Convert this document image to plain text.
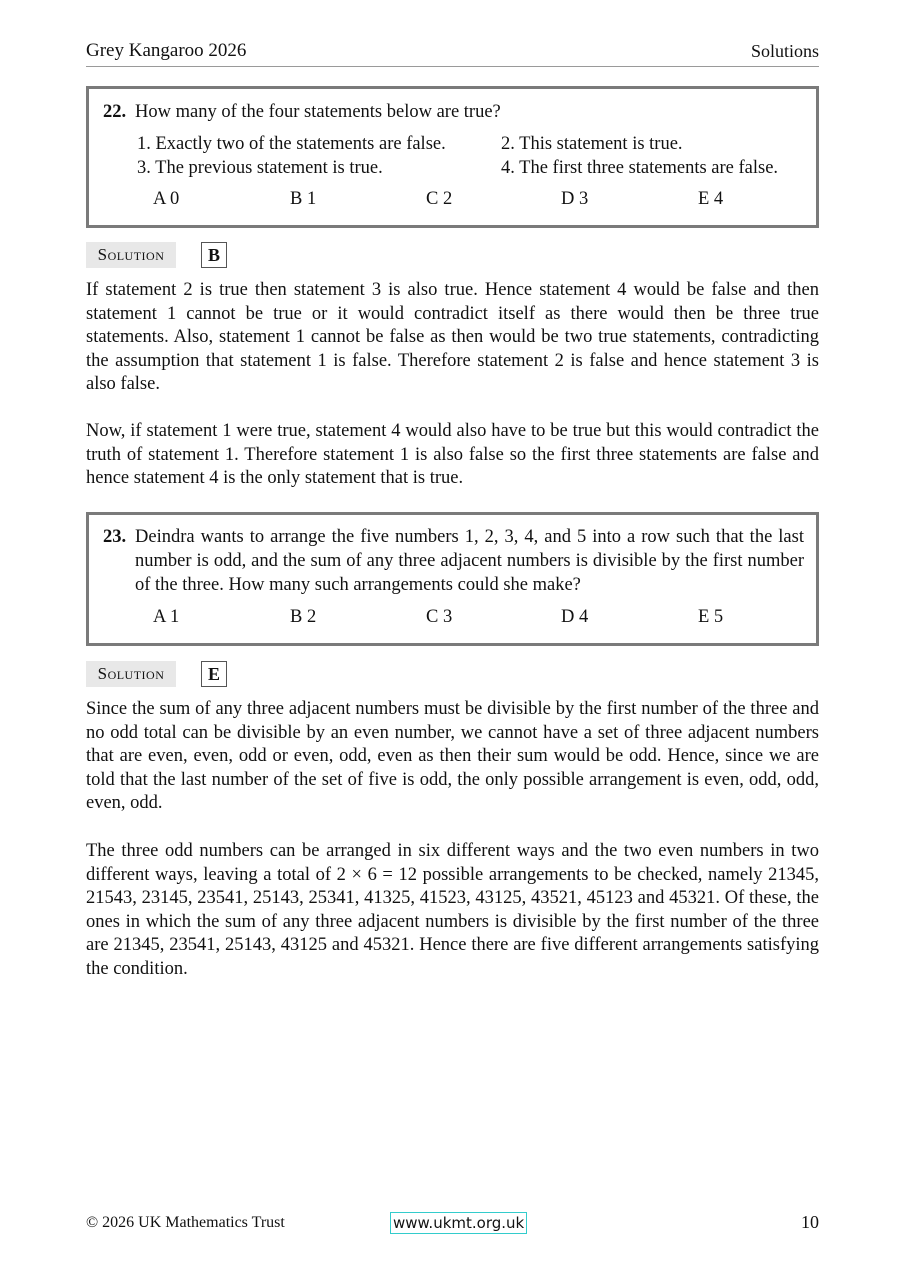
Grey Kangaroo 2026	Solutions
22. How many of the four statements below are true?
1. Exactly two of the statements are false.	2. This statement is true.
3. The previous statement is true.	4. The first three statements are false.
A 0	B 1	C 2	D 3	E 4
Solution	B

If statement 2 is true then statement 3 is also true. Hence statement 4 would be false and then statement 1 cannot be true or it would contradict itself as there would then be three true statements. Also, statement 1 cannot be false as then would be two true statements, contradicting the assumption that statement 1 is false. Therefore statement 2 is false and hence statement 3 is also false.

Now, if statement 1 were true, statement 4 would also have to be true but this would contradict the truth of statement 1. Therefore statement 1 is also false so the first three statements are false and hence statement 4 is the only statement that is true.

23. Deindra wants to arrange the five numbers 1, 2, 3, 4, and 5 into a row such that the last number is odd, and the sum of any three adjacent numbers is divisible by the first number of the three. How many such arrangements could she make?
A 1	B 2	C 3	D 4	E 5
Solution	E

Since the sum of any three adjacent numbers must be divisible by the first number of the three and no odd total can be divisible by an even number, we cannot have a set of three adjacent numbers that are even, even, odd or even, odd, even as then their sum would be odd. Hence, since we are told that the last number of the set of five is odd, the only possible arrangement is even, odd, odd, even, odd.

The three odd numbers can be arranged in six different ways and the two even numbers in two different ways, leaving a total of 2 × 6 = 12 possible arrangements to be checked, namely 21345, 21543, 23145, 23541, 25143, 25341, 41325, 41523, 43125, 43521, 45123 and 45321. Of these, the ones in which the sum of any three adjacent numbers is divisible by the first number of the three are 21345, 23541, 25143, 43125 and 45321. Hence there are five different arrangements satisfying the condition.

© 2026 UK Mathematics Trust	www.ukmt.org.uk	10
